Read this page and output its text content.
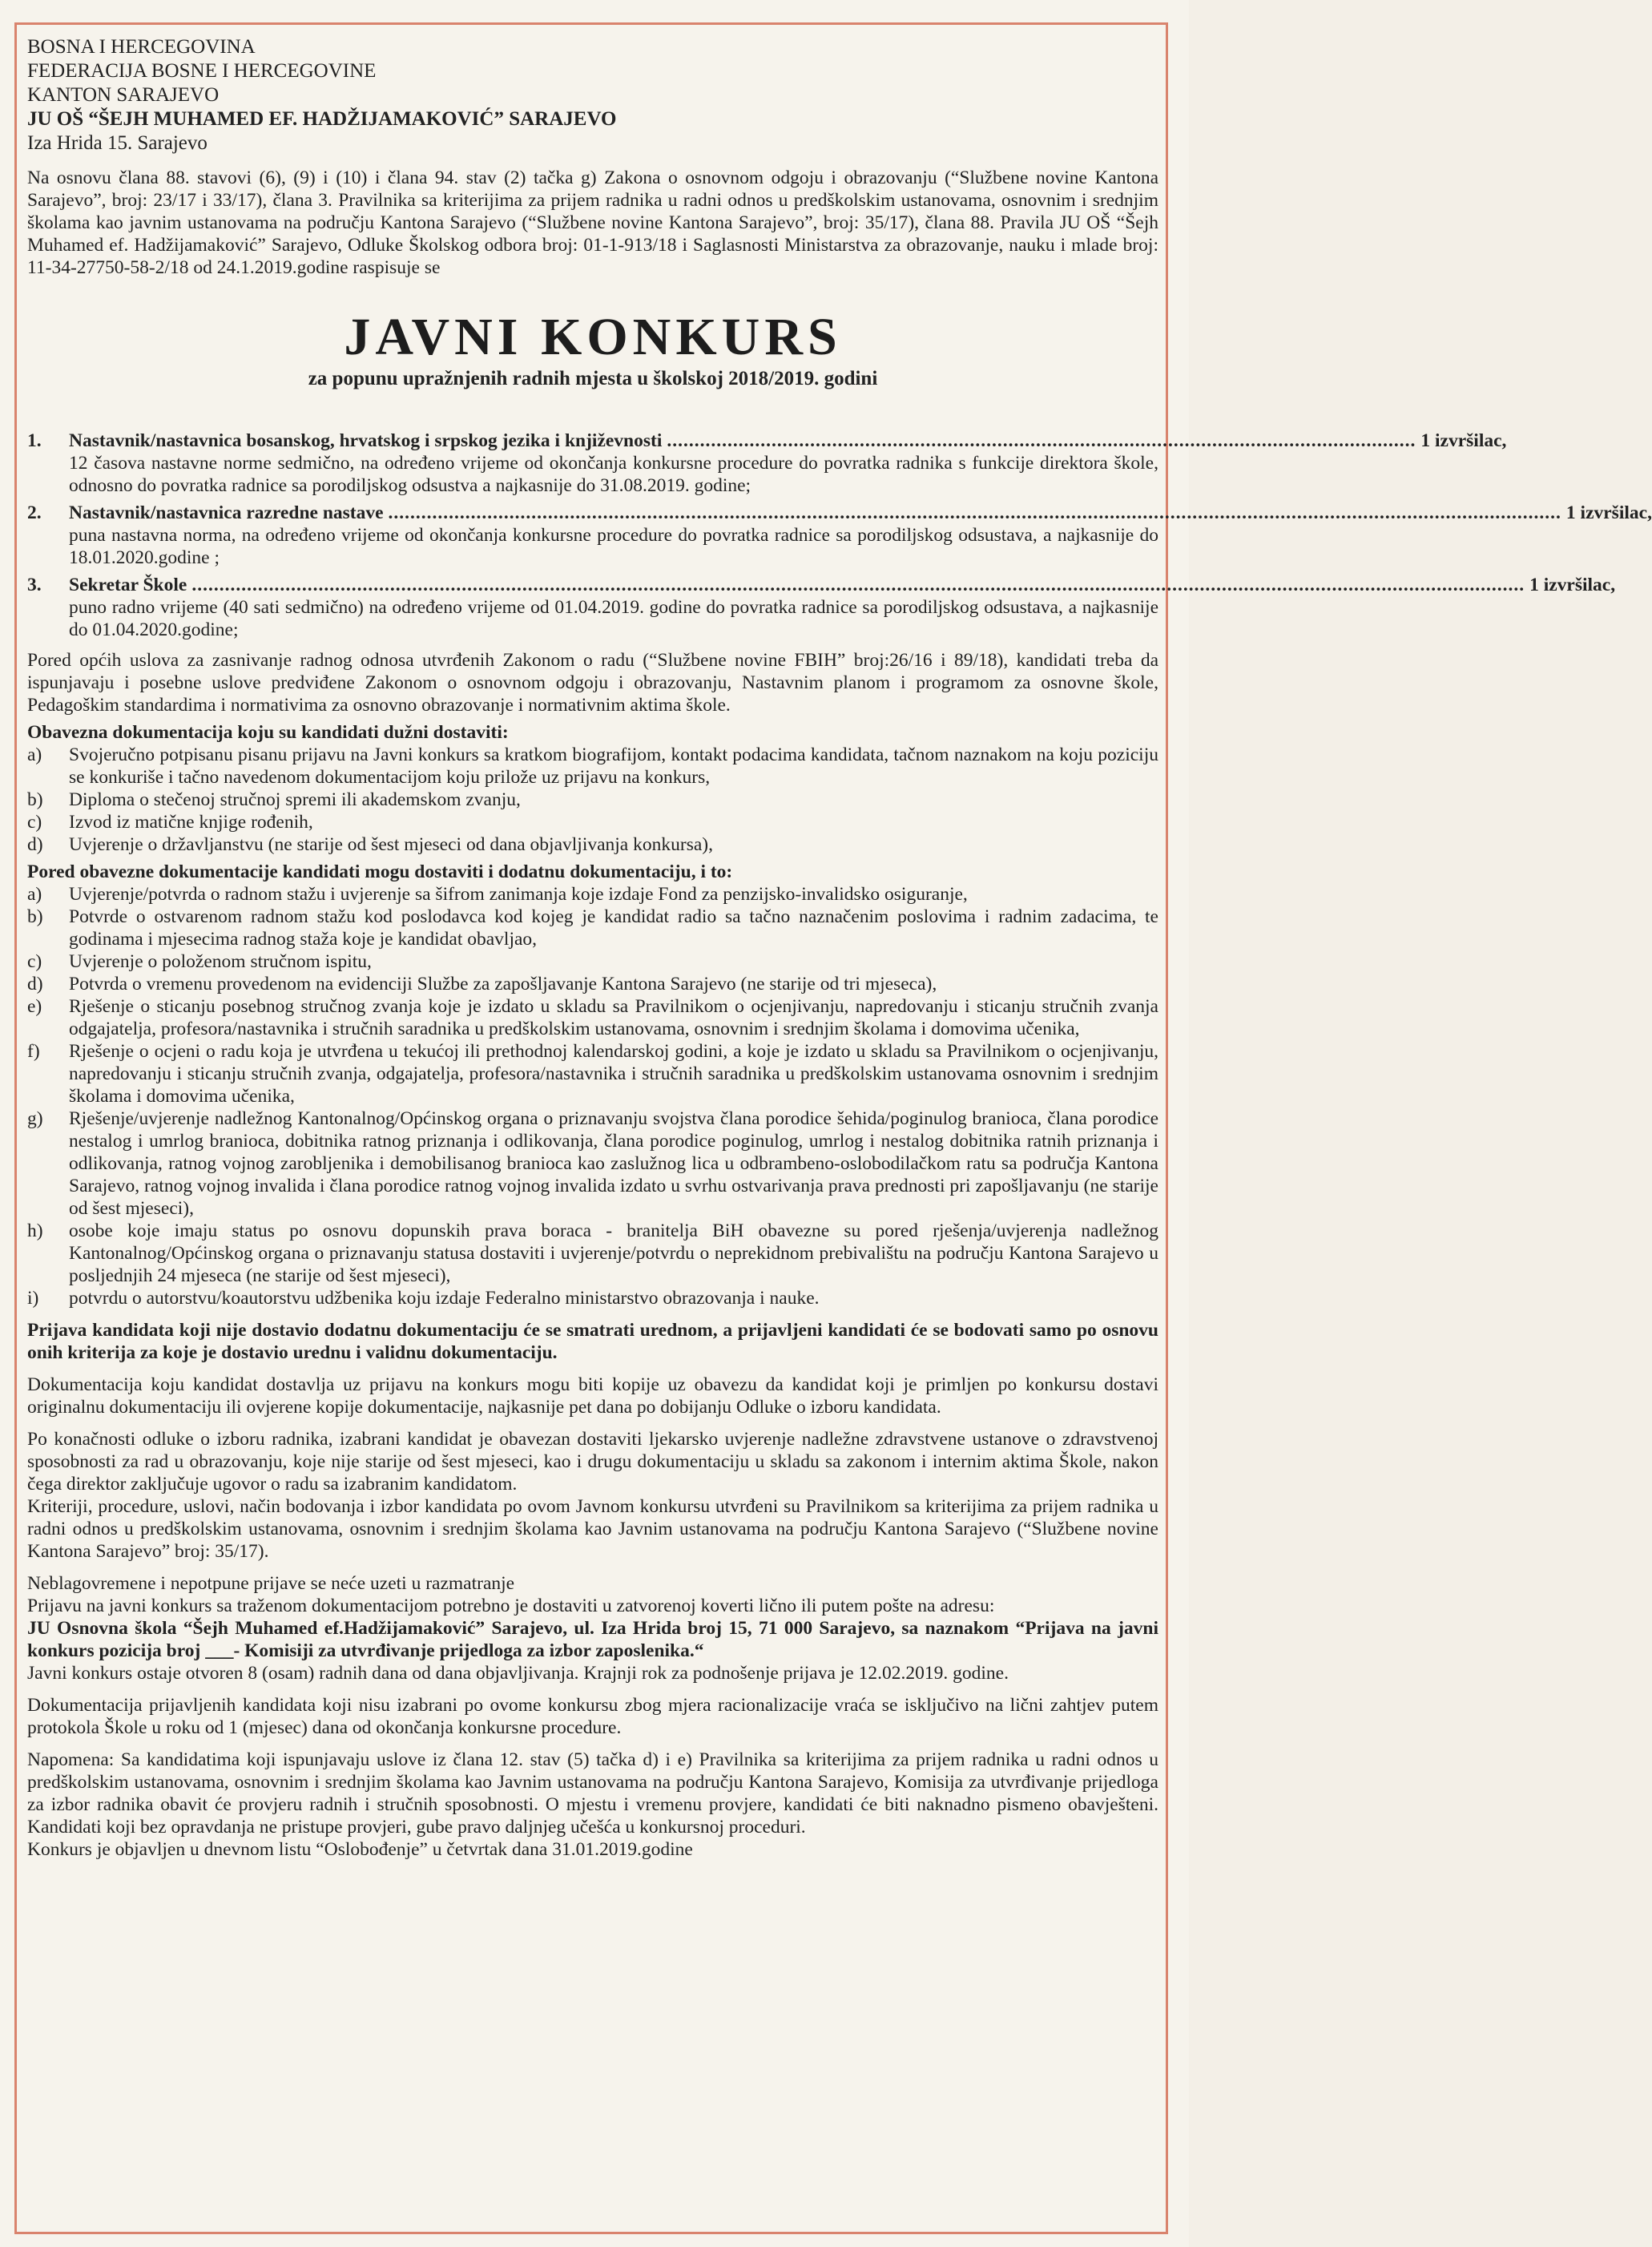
BOSNA I HERCEGOVINA
FEDERACIJA BOSNE I HERCEGOVINE
KANTON SARAJEVO
JU OŠ “ŠEJH MUHAMED EF. HADŽIJAMAKOVIĆ” SARAJEVO
Iza Hrida 15. Sarajevo

Na osnovu člana 88. stavovi (6), (9) i (10) i člana 94. stav (2) tačka g) Zakona o osnovnom odgoju i obrazovanju (“Službene novine Kantona Sarajevo”, broj: 23/17 i 33/17), člana 3. Pravilnika sa kriterijima za prijem radnika u radni odnos u predškolskim ustanovama, osnovnim i srednjim školama kao javnim ustanovama na području Kantona Sarajevo (“Službene novine Kantona Sarajevo”, broj: 35/17), člana 88. Pravila JU OŠ “Šejh Muhamed ef. Hadžijamaković” Sarajevo, Odluke Školskog odbora broj: 01-1-913/18 i Saglasnosti Ministarstva za obrazovanje, nauku i mlade broj: 11-34-27750-58-2/18 od 24.1.2019.godine raspisuje se

JAVNI KONKURS
za popunu upražnjenih radnih mjesta u školskoj 2018/2019. godini
1. Nastavnik/nastavnica bosanskog, hrvatskog i srpskog jezika i književnosti ........................................................................................................................................ 1 izvršilac,
12 časova nastavne norme sedmično, na određeno vrijeme od okončanja konkursne procedure do povratka radnika s funkcije direktora škole, odnosno do povratka radnice sa porodiljskog odsustva a najkasnije do 31.08.2019. godine;
2. Nastavnik/nastavnica razredne nastave ..................................................................................................................................................................................................................... 1 izvršilac,
puna nastavna norma, na određeno vrijeme od okončanja konkursne procedure do povratka radnice sa porodiljskog odsustava, a najkasnije do 18.01.2020.godine ;
3. Sekretar Škole .................................................................................................................................................................................................................................................. 1 izvršilac,
puno radno vrijeme (40 sati sedmično) na određeno vrijeme od 01.04.2019. godine do povratka radnice sa porodiljskog odsustava, a najkasnije do 01.04.2020.godine;

Pored općih uslova za zasnivanje radnog odnosa utvrđenih Zakonom o radu (“Službene novine FBIH” broj:26/16 i 89/18), kandidati treba da ispunjavaju i posebne uslove predviđene Zakonom o osnovnom odgoju i obrazovanju, Nastavnim planom i programom za osnovne škole, Pedagoškim standardima i normativima za osnovno obrazovanje i normativnim aktima škole.

Obavezna dokumentacija koju su kandidati dužni dostaviti:
a) Svojeručno potpisanu pisanu prijavu na Javni konkurs sa kratkom biografijom, kontakt podacima kandidata, tačnom naznakom na koju poziciju se konkuriše i tačno navedenom dokumentacijom koju prilože uz prijavu na konkurs,
b) Diploma o stečenoj stručnoj spremi ili akademskom zvanju,
c) Izvod iz matične knjige rođenih,
d) Uvjerenje o državljanstvu (ne starije od šest mjeseci od dana objavljivanja konkursa),
Pored obavezne dokumentacije kandidati mogu dostaviti i dodatnu dokumentaciju, i to:
a) Uvjerenje/potvrda o radnom stažu i uvjerenje sa šifrom zanimanja koje izdaje Fond za penzijsko-invalidsko osiguranje,
b) Potvrde o ostvarenom radnom stažu kod poslodavca kod kojeg je kandidat radio sa tačno naznačenim poslovima i radnim zadacima, te godinama i mjesecima radnog staža koje je kandidat obavljao,
c) Uvjerenje o položenom stručnom ispitu,
d) Potvrda o vremenu provedenom na evidenciji Službe za zapošljavanje Kantona Sarajevo (ne starije od tri mjeseca),
e) Rješenje o sticanju posebnog stručnog zvanja koje je izdato u skladu sa Pravilnikom o ocjenjivanju, napredovanju i sticanju stručnih zvanja odgajatelja, profesora/nastavnika i stručnih saradnika u predškolskim ustanovama, osnovnim i srednjim školama i domovima učenika,
f) Rješenje o ocjeni o radu koja je utvrđena u tekućoj ili prethodnoj kalendarskoj godini, a koje je izdato u skladu sa Pravilnikom o ocjenjivanju, napredovanju i sticanju stručnih zvanja, odgajatelja, profesora/nastavnika i stručnih saradnika u predškolskim ustanovama osnovnim i srednjim školama i domovima učenika,
g) Rješenje/uvjerenje nadležnog Kantonalnog/Općinskog organa o priznavanju svojstva člana porodice šehida/poginulog branioca, člana porodice nestalog i umrlog branioca, dobitnika ratnog priznanja i odlikovanja, člana porodice poginulog, umrlog i nestalog dobitnika ratnih priznanja i odlikovanja, ratnog vojnog zarobljenika i demobilisanog branioca kao zaslužnog lica u odbrambeno-oslobodilačkom ratu sa područja Kantona Sarajevo, ratnog vojnog invalida i člana porodice ratnog vojnog invalida izdato u svrhu ostvarivanja prava prednosti pri zapošljavanju (ne starije od šest mjeseci),
h) osobe koje imaju status po osnovu dopunskih prava boraca - branitelja BiH obavezne su pored rješenja/uvjerenja nadležnog Kantonalnog/Općinskog organa o priznavanju statusa dostaviti i uvjerenje/potvrdu o neprekidnom prebivalištu na području Kantona Sarajevo u posljednjih 24 mjeseca (ne starije od šest mjeseci),
i) potvrdu o autorstvu/koautorstvu udžbenika koju izdaje Federalno ministarstvo obrazovanja i nauke.

Prijava kandidata koji nije dostavio dodatnu dokumentaciju će se smatrati urednom, a prijavljeni kandidati će se bodovati samo po osnovu onih kriterija za koje je dostavio urednu i validnu dokumentaciju.

Dokumentacija koju kandidat dostavlja uz prijavu na konkurs mogu biti kopije uz obavezu da kandidat koji je primljen po konkursu dostavi originalnu dokumentaciju ili ovjerene kopije dokumentacije, najkasnije pet dana po dobijanju Odluke o izboru kandidata.

Po konačnosti odluke o izboru radnika, izabrani kandidat je obavezan dostaviti ljekarsko uvjerenje nadležne zdravstvene ustanove o zdravstvenoj sposobnosti za rad u obrazovanju, koje nije starije od šest mjeseci, kao i drugu dokumentaciju u skladu sa zakonom i internim aktima Škole, nakon čega direktor zaključuje ugovor o radu sa izabranim kandidatom.

Kriteriji, procedure, uslovi, način bodovanja i izbor kandidata po ovom Javnom konkursu utvrđeni su Pravilnikom sa kriterijima za prijem radnika u radni odnos u predškolskim ustanovama, osnovnim i srednjim školama kao Javnim ustanovama na području Kantona Sarajevo (“Službene novine Kantona Sarajevo” broj: 35/17).

Neblagovremene i nepotpune prijave se neće uzeti u razmatranje

Prijavu na javni konkurs sa traženom dokumentacijom potrebno je dostaviti u zatvorenoj koverti lično ili putem pošte na adresu:

JU Osnovna škola “Šejh Muhamed ef.Hadžijamaković” Sarajevo, ul. Iza Hrida broj 15, 71 000 Sarajevo, sa naznakom “Prijava na javni konkurs pozicija broj ___- Komisiji za utvrđivanje prijedloga za izbor zaposlenika.“

Javni konkurs ostaje otvoren 8 (osam) radnih dana od dana objavljivanja. Krajnji rok za podnošenje prijava je 12.02.2019. godine.

Dokumentacija prijavljenih kandidata koji nisu izabrani po ovome konkursu zbog mjera racionalizacije vraća se isključivo na lični zahtjev putem protokola Škole u roku od 1 (mjesec) dana od okončanja konkursne procedure.

Napomena: Sa kandidatima koji ispunjavaju uslove iz člana 12. stav (5) tačka d) i e) Pravilnika sa kriterijima za prijem radnika u radni odnos u predškolskim ustanovama, osnovnim i srednjim školama kao Javnim ustanovama na području Kantona Sarajevo, Komisija za utvrđivanje prijedloga za izbor radnika obavit će provjeru radnih i stručnih sposobnosti. O mjestu i vremenu provjere, kandidati će biti naknadno pismeno obavješteni. Kandidati koji bez opravdanja ne pristupe provjeri, gube pravo daljnjeg učešća u konkursnoj proceduri.

Konkurs je objavljen u dnevnom listu “Oslobođenje” u četvrtak dana 31.01.2019.godine
